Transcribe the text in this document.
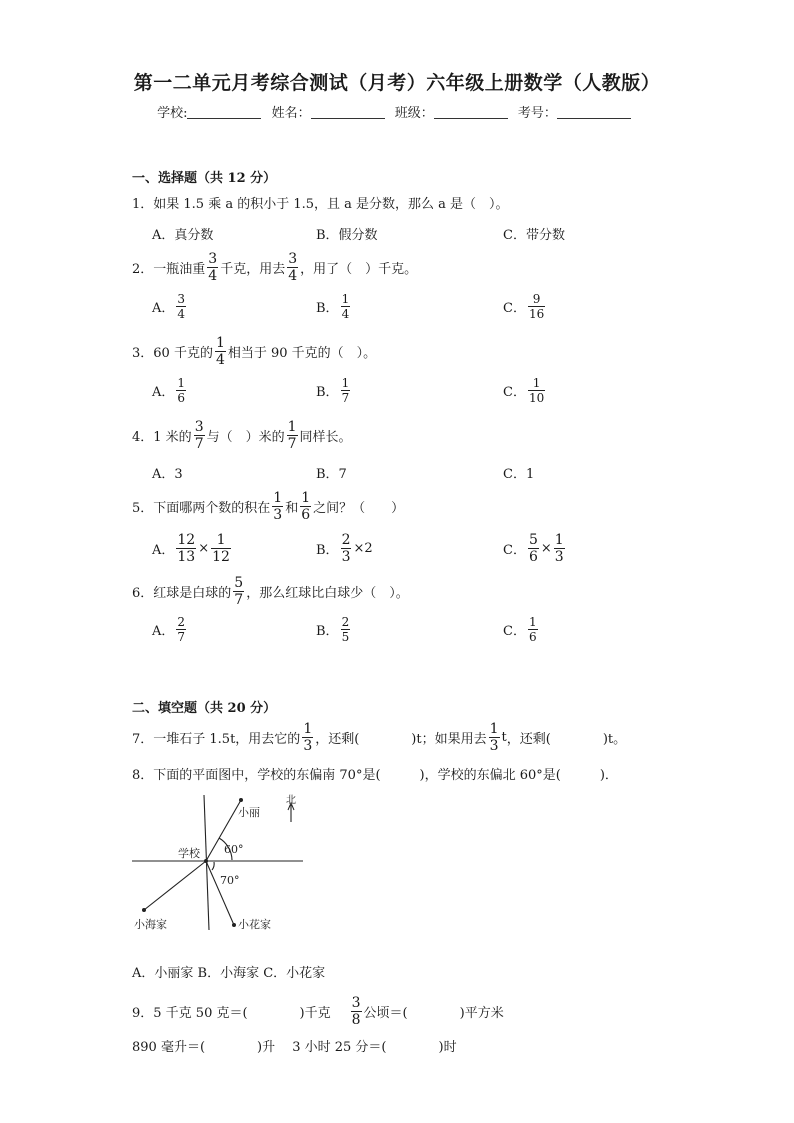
第一二单元月考综合测试（月考）六年级上册数学（人教版）
学校:	姓名：	班级：	考号：
一、选择题（共 12 分）
1．如果 1.5 乘 a 的积小于 1.5，且 a 是分数，那么 a 是（　）。
A．真分数	B．假分数	C．带分数
2．一瓶油重 $\frac{3}{4}$ 千克，用去 $\frac{3}{4}$ ，用了（　）千克。
A． $\frac{3}{4}$	B． $\frac{1}{4}$	C． $\frac{9}{16}$
3．60 千克的 $\frac{1}{4}$ 相当于 90 千克的（　）。
A． $\frac{1}{6}$	B． $\frac{1}{7}$	C． $\frac{1}{10}$
4．1 米的 $\frac{3}{7}$ 与（　）米的 $\frac{1}{7}$ 同样长。
A．3	B．7	C．1
5．下面哪两个数的积在 $\frac{1}{3}$ 和 $\frac{1}{6}$ 之间？（　　）
A． $\frac{12}{13} \times \frac{1}{12}$	B． $\frac{2}{3} \times 2$	C． $\frac{5}{6} \times \frac{1}{3}$
6．红球是白球的 $\frac{5}{7}$ ，那么红球比白球少（　）。
A． $\frac{2}{7}$	B． $\frac{2}{5}$	C． $\frac{1}{6}$
二、填空题（共 20 分）
7．一堆石子 1.5t，用去它的 $\frac{1}{3}$ ，还剩(　　　　)t；如果用去 $\frac{1}{3}$ t ，还剩(　　　　)t。
8．下面的平面图中，学校的东偏南 70°是(　　　)，学校的东偏北 60°是(　　　)．
北
小丽
学校 60°
70°
小海家	小花家
A．小丽家 B．小海家 C．小花家
9．5 千克 50 克＝(　　　　)千克 $\frac{3}{8}$ 公顷＝(　　　　)平方米
890 毫升＝(　　　　)升　 3 小时 25 分＝(　　　　)时
